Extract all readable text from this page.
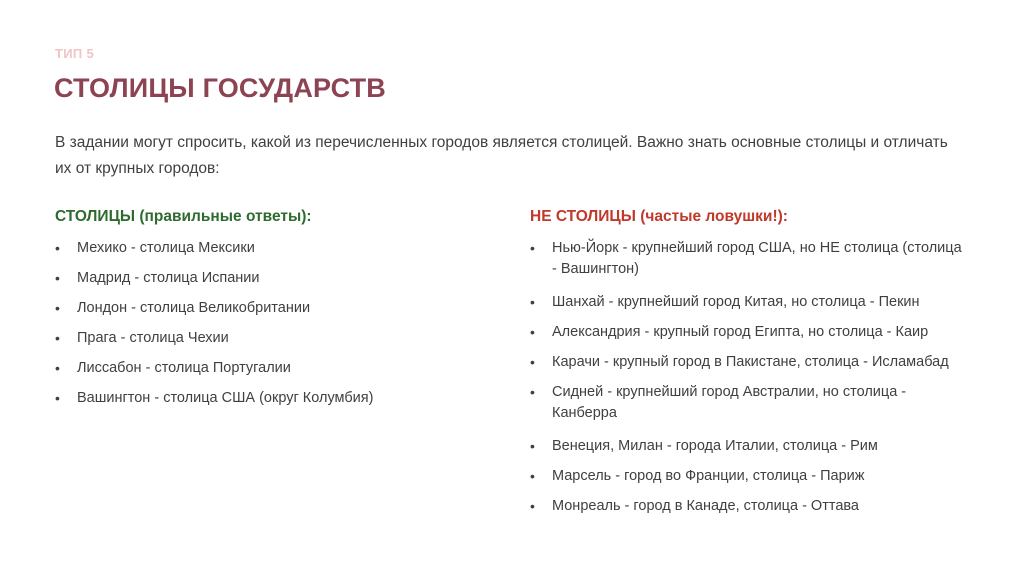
ТИП 5
СТОЛИЦЫ ГОСУДАРСТВ
В задании могут спросить, какой из перечисленных городов является столицей. Важно знать основные столицы и отличать их от крупных городов:
СТОЛИЦЫ (правильные ответы):
• Мехико - столица Мексики
• Мадрид - столица Испании
• Лондон - столица Великобритании
• Прага - столица Чехии
• Лиссабон - столица Португалии
• Вашингтон - столица США (округ Колумбия)
НЕ СТОЛИЦЫ (частые ловушки!):
• Нью-Йорк - крупнейший город США, но НЕ столица (столица - Вашингтон)
• Шанхай - крупнейший город Китая, но столица - Пекин
• Александрия - крупный город Египта, но столица - Каир
• Карачи - крупный город в Пакистане, столица - Исламабад
• Сидней - крупнейший город Австралии, но столица - Канберра
• Венеция, Милан - города Италии, столица - Рим
• Марсель - город во Франции, столица - Париж
• Монреаль - город в Канаде, столица - Оттава
